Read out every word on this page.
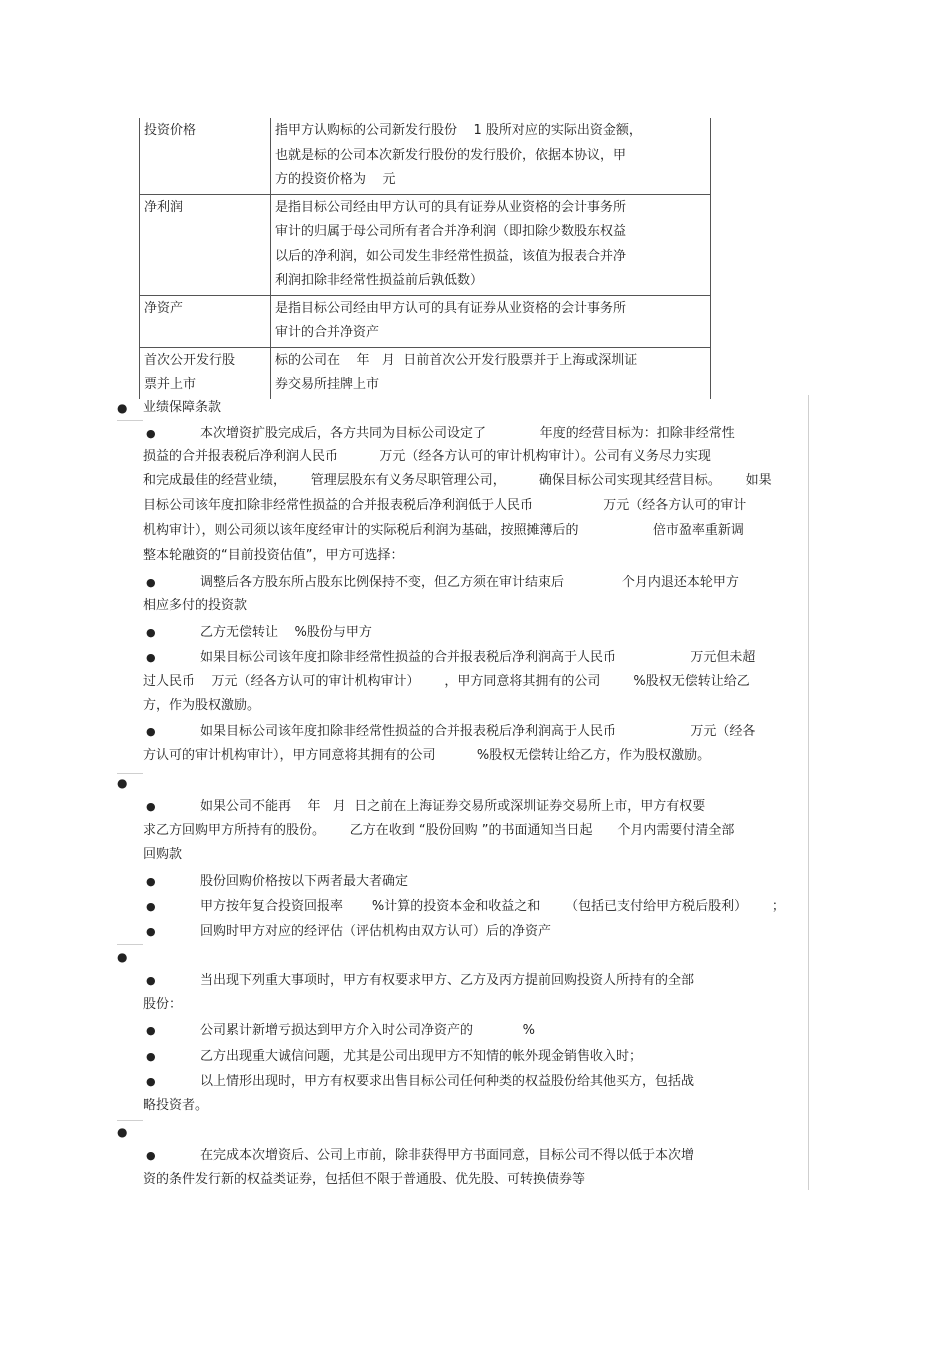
投资价格	指甲方认购标的公司新发行股份    1 股所对应的实际出资金额，
也就是标的公司本次新发行股份的发行股价，依据本协议，甲
方的投资价格为    元

净利润	是指目标公司经由甲方认可的具有证券从业资格的会计事务所
审计的归属于母公司所有者合并净利润（即扣除少数股东权益
以后的净利润，如公司发生非经常性损益，该值为报表合并净
利润扣除非经常性损益前后孰低数）

净资产	是指目标公司经由甲方认可的具有证券从业资格的会计事务所
审计的合并净资产

首次公开发行股
票并上市	标的公司在    年   月  日前首次公开发行股票并于上海或深圳证
券交易所挂牌上市
● 业绩保障条款
●
●
●
●	本次增资扩股完成后，各方共同为目标公司设定了             年度的经营目标为：扣除非经常性
损益的合并报表税后净利润人民币          万元（经各方认可的审计机构审计）。公司有义务尽力实现
和完成最佳的经营业绩，      管理层股东有义务尽职管理公司，        确保目标公司实现其经营目标。      如果
目标公司该年度扣除非经常性损益的合并报表税后净利润低于人民币                 万元（经各方认可的审计
机构审计），则公司须以该年度经审计的实际税后利润为基础，按照摊薄后的                  倍市盈率重新调
整本轮融资的“目前投资估值”，甲方可选择：
●	调整后各方股东所占股东比例保持不变，但乙方须在审计结束后              个月内退还本轮甲方
相应多付的投资款
●	乙方无偿转让    %股份与甲方
●	如果目标公司该年度扣除非经常性损益的合并报表税后净利润高于人民币                  万元但未超
过人民币    万元（经各方认可的审计机构审计）      ，甲方同意将其拥有的公司        %股权无偿转让给乙
方，作为股权激励。
●	如果目标公司该年度扣除非经常性损益的合并报表税后净利润高于人民币                  万元（经各
方认可的审计机构审计），甲方同意将其拥有的公司          %股权无偿转让给乙方，作为股权激励。
●	如果公司不能再    年   月  日之前在上海证券交易所或深圳证券交易所上市，甲方有权要
求乙方回购甲方所持有的股份。      乙方在收到 “股份回购 ”的书面通知当日起      个月内需要付清全部
回购款
●	股份回购价格按以下两者最大者确定
●	甲方按年复合投资回报率       %计算的投资本金和收益之和      （包括已支付给甲方税后股利）      ；
●	回购时甲方对应的经评估（评估机构由双方认可）后的净资产
●	当出现下列重大事项时，甲方有权要求甲方、乙方及丙方提前回购投资人所持有的全部
股份：
●	公司累计新增亏损达到甲方介入时公司净资产的            %
●	乙方出现重大诚信问题，尤其是公司出现甲方不知情的帐外现金销售收入时；
●	以上情形出现时，甲方有权要求出售目标公司任何种类的权益股份给其他买方，包括战
略投资者。
●	在完成本次增资后、公司上市前，除非获得甲方书面同意，目标公司不得以低于本次增
资的条件发行新的权益类证券，包括但不限于普通股、优先股、可转换债券等
